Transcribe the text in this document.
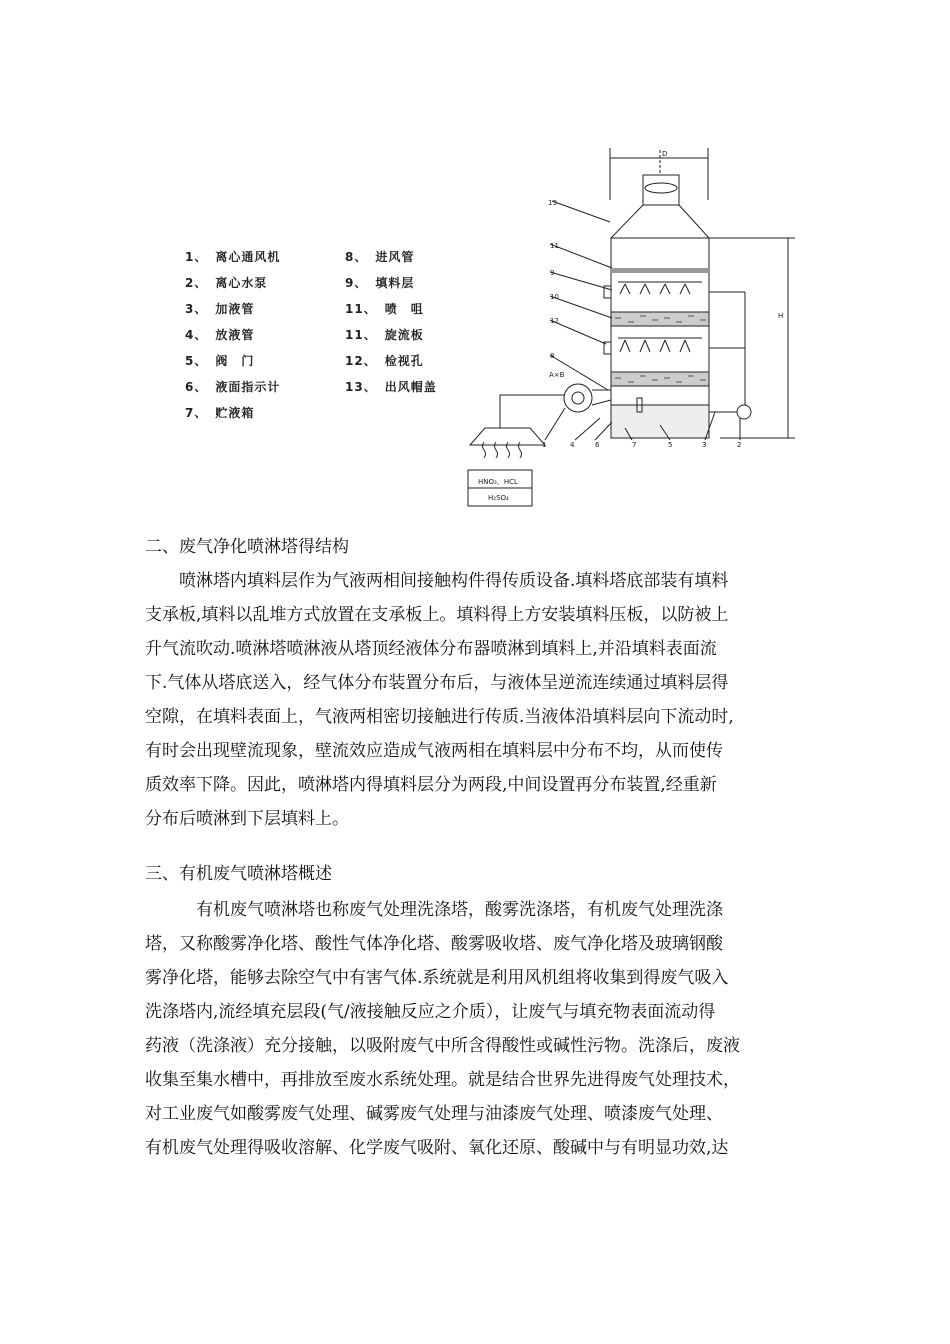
1、 离心通风机
2、 离心水泵
3、 加液管
4、 放液管
5、 阀　门
6、 液面指示计
7、 贮液箱
8、 进风管
9、 填料层
11、 喷　咀
11、 旋流板
12、 检视孔
13、 出风帽盖
D
13
11
9
10
12
8
A×B
H
1	4	6	5
7	3	2
HNO₃、HCL
H₂SO₄
二、废气净化喷淋塔得结构
　　喷淋塔内填料层作为气液两相间接触构件得传质设备.填料塔底部装有填料
支承板,填料以乱堆方式放置在支承板上。填料得上方安装填料压板，以防被上
升气流吹动.喷淋塔喷淋液从塔顶经液体分布器喷淋到填料上,并沿填料表面流
下.气体从塔底送入，经气体分布装置分布后，与液体呈逆流连续通过填料层得
空隙，在填料表面上，气液两相密切接触进行传质.当液体沿填料层向下流动时,
有时会出现壁流现象，壁流效应造成气液两相在填料层中分布不均，从而使传
质效率下降。因此，喷淋塔内得填料层分为两段,中间设置再分布装置,经重新
分布后喷淋到下层填料上。
三、有机废气喷淋塔概述
　　　有机废气喷淋塔也称废气处理洗涤塔，酸雾洗涤塔，有机废气处理洗涤
塔，又称酸雾净化塔、酸性气体净化塔、酸雾吸收塔、废气净化塔及玻璃钢酸
雾净化塔，能够去除空气中有害气体.系统就是利用风机组将收集到得废气吸入
洗涤塔内,流经填充层段(气/液接触反应之介质），让废气与填充物表面流动得
药液（洗涤液）充分接触，以吸附废气中所含得酸性或碱性污物。洗涤后，废液
收集至集水槽中，再排放至废水系统处理。就是结合世界先进得废气处理技术，
对工业废气如酸雾废气处理、碱雾废气处理与油漆废气处理、喷漆废气处理、
有机废气处理得吸收溶解、化学废气吸附、氧化还原、酸碱中与有明显功效,达
